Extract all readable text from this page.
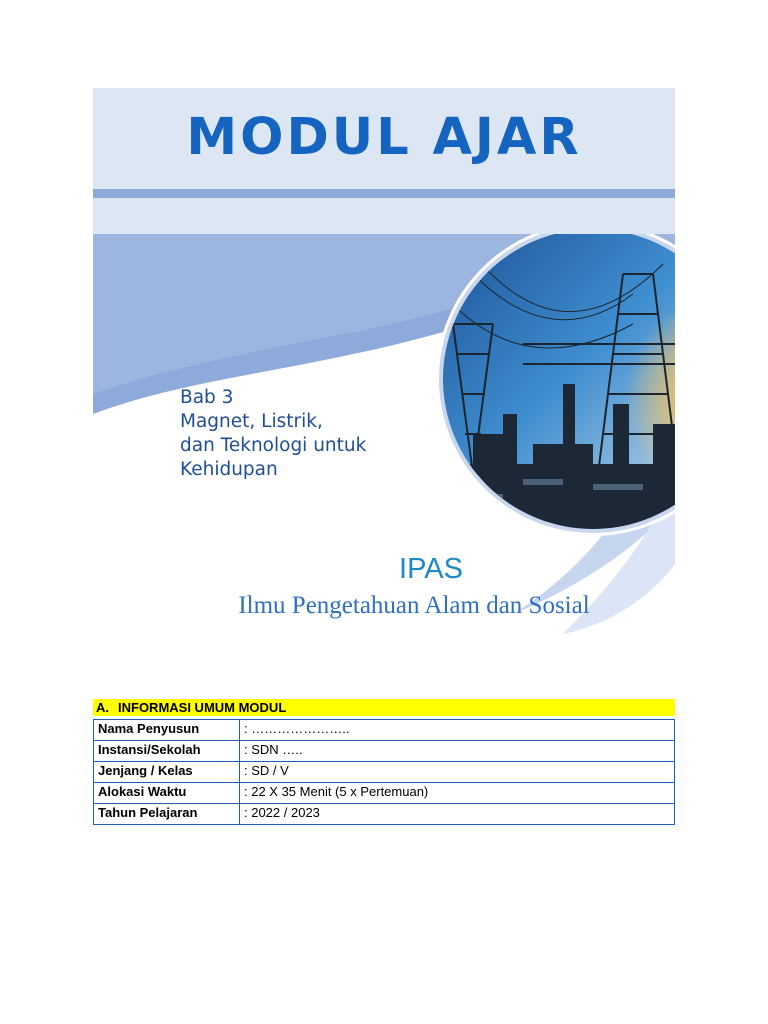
MODUL AJAR
Bab 3
Magnet, Listrik,
dan Teknologi untuk
Kehidupan
IPAS
Ilmu Pengetahuan Alam dan Sosial
A. INFORMASI UMUM MODUL
Nama Penyusun	: …………………..
Instansi/Sekolah	: SDN …..
Jenjang / Kelas	: SD / V
Alokasi Waktu	: 22 X 35 Menit (5 x Pertemuan)
Tahun Pelajaran	: 2022 / 2023
